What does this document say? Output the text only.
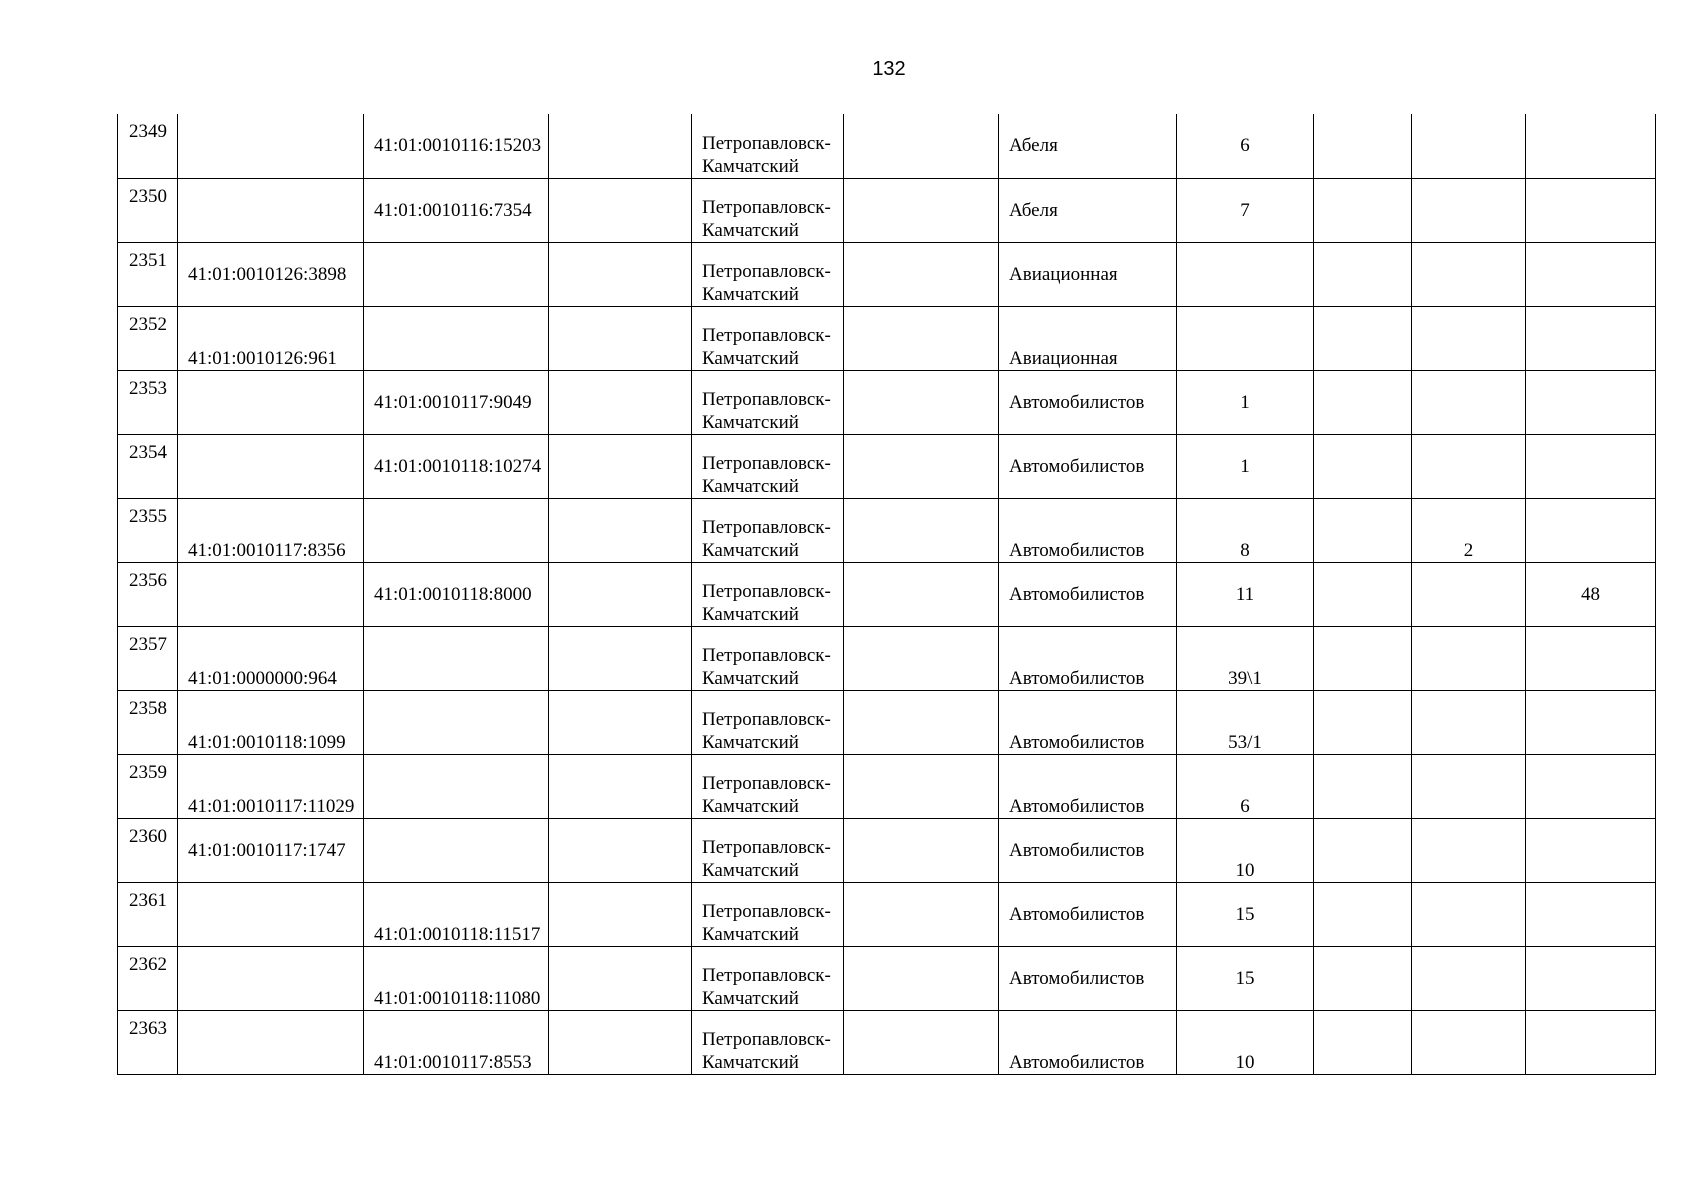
132
2349		41:01:0010116:15203		Петропавловск-Камчатский		Абеля	6			

2350		41:01:0010116:7354		Петропавловск-Камчатский		Абеля	7			

2351	41:01:0010126:3898			Петропавловск-Камчатский		Авиационная				

2352	41:01:0010126:961			Петропавловск-Камчатский		Авиационная				

2353		41:01:0010117:9049		Петропавловск-Камчатский		Автомобилистов	1			

2354		41:01:0010118:10274		Петропавловск-Камчатский		Автомобилистов	1			

2355	41:01:0010117:8356			Петропавловск-Камчатский		Автомобилистов	8		2	

2356		41:01:0010118:8000		Петропавловск-Камчатский		Автомобилистов	11			48

2357	41:01:0000000:964			Петропавловск-Камчатский		Автомобилистов	39\1			

2358	41:01:0010118:1099			Петропавловск-Камчатский		Автомобилистов	53/1			

2359	41:01:0010117:11029			Петропавловск-Камчатский		Автомобилистов	6			

2360	41:01:0010117:1747			Петропавловск-Камчатский		Автомобилистов	10			

2361		41:01:0010118:11517		Петропавловск-Камчатский		Автомобилистов	15			

2362		41:01:0010118:11080		Петропавловск-Камчатский		Автомобилистов	15			

2363		41:01:0010117:8553		Петропавловск-Камчатский		Автомобилистов	10			
